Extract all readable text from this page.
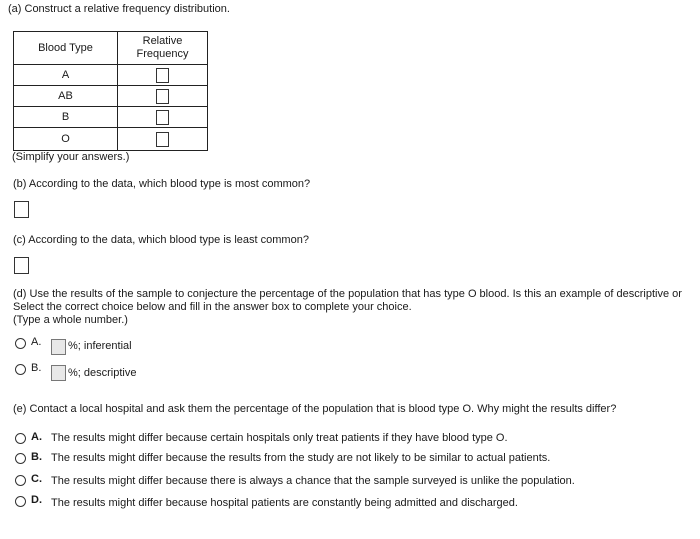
(a) Construct a relative frequency distribution.
Blood Type	Relative
Frequency

A	
AB	
B	
O	
(Simplify your answers.)
(b) According to the data, which blood type is most common?
(c) According to the data, which blood type is least common?
(d) Use the results of the sample to conjecture the percentage of the population that has type O blood. Is this an example of descriptive or
Select the correct choice below and fill in the answer box to complete your choice.
(Type a whole number.)
A. %; inferential
B. %; descriptive
(e) Contact a local hospital and ask them the percentage of the population that is blood type O. Why might the results differ?
A. The results might differ because certain hospitals only treat patients if they have blood type O.
B. The results might differ because the results from the study are not likely to be similar to actual patients.
C. The results might differ because there is always a chance that the sample surveyed is unlike the population.
D. The results might differ because hospital patients are constantly being admitted and discharged.
